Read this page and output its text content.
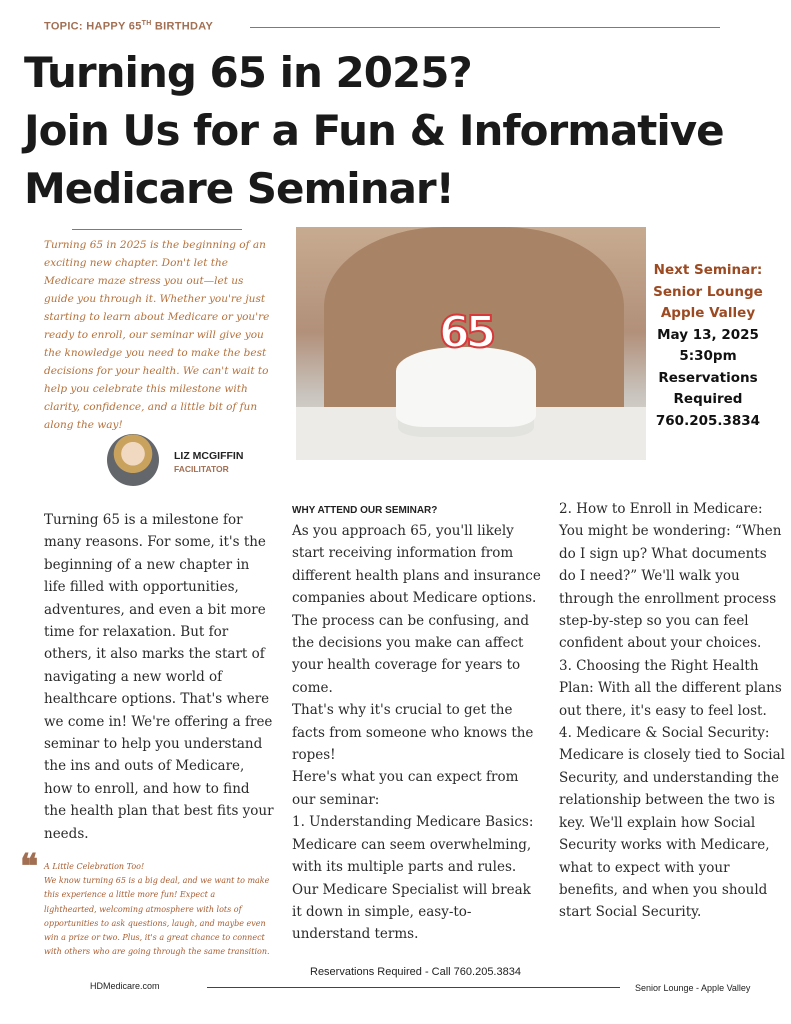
TOPIC: HAPPY 65TH BIRTHDAY
Turning 65 in 2025?
Join Us for a Fun & Informative
Medicare Seminar!

Turning 65 in 2025 is the beginning of an exciting new chapter. Don't let the Medicare maze stress you out—let us guide you through it. Whether you're just starting to learn about Medicare or you're ready to enroll, our seminar will give you the knowledge you need to make the best decisions for your health. We can't wait to help you celebrate this milestone with clarity, confidence, and a little bit of fun along the way!

LIZ MCGIFFIN
FACILITATOR
65
Next Seminar:
Senior Lounge
Apple Valley
May 13, 2025
5:30pm
Reservations
Required
760.205.3834

Turning 65 is a milestone for many reasons. For some, it's the beginning of a new chapter in life filled with opportunities, adventures, and even a bit more time for relaxation. But for others, it also marks the start of navigating a new world of healthcare options. That's where we come in! We're offering a free seminar to help you understand the ins and outs of Medicare, how to enroll, and how to find the health plan that best fits your needs.

WHY ATTEND OUR SEMINAR?
As you approach 65, you'll likely start receiving information from different health plans and insurance companies about Medicare options. The process can be confusing, and the decisions you make can affect your health coverage for years to come.
That's why it's crucial to get the facts from someone who knows the ropes!
Here's what you can expect from our seminar:
1. Understanding Medicare Basics: Medicare can seem overwhelming, with its multiple parts and rules. Our Medicare Specialist will break it down in simple, easy-to-understand terms.
2. How to Enroll in Medicare: You might be wondering: “When do I sign up? What documents do I need?” We'll walk you through the enrollment process step-by-step so you can feel confident about your choices.
3. Choosing the Right Health Plan: With all the different plans out there, it's easy to feel lost.
4. Medicare & Social Security: Medicare is closely tied to Social Security, and understanding the relationship between the two is key. We'll explain how Social Security works with Medicare, what to expect with your benefits, and when you should start Social Security.
❝ A Little Celebration Too!
We know turning 65 is a big deal, and we want to make this experience a little more fun! Expect a lighthearted, welcoming atmosphere with lots of opportunities to ask questions, laugh, and maybe even win a prize or two. Plus, it's a great chance to connect with others who are going through the same transition.

Reservations Required - Call 760.205.3834
HDMedicare.com	Senior Lounge - Apple Valley
